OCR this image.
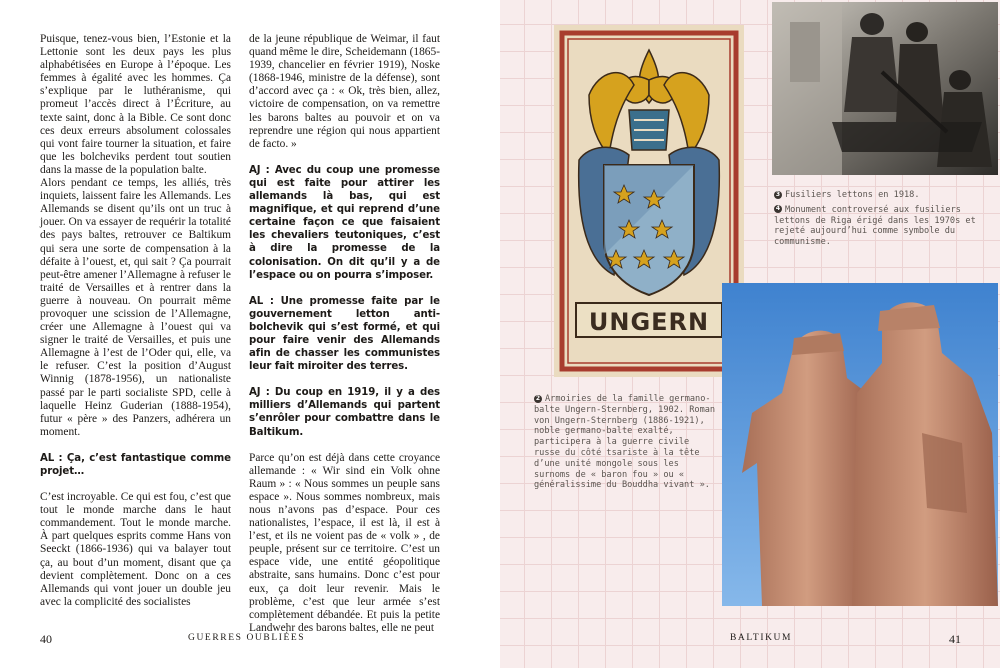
Puisque, tenez-vous bien, l’Estonie et la Lettonie sont les deux pays les plus alphabétisées en Europe à l’époque. Les femmes à égalité avec les hommes. Ça s’explique par le luthéranisme, qui promeut l’accès direct à l’Écriture, au texte saint, donc à la Bible. Ce sont donc ces deux erreurs absolument colossales qui vont faire tourner la situation, et faire que les bolcheviks perdent tout soutien dans la masse de la population balte.

Alors pendant ce temps, les alliés, très inquiets, laissent faire les Allemands. Les Allemands se disent qu’ils ont un truc à jouer. On va essayer de requérir la totalité des pays baltes, retrouver ce Baltikum qui sera une sorte de compensation à la défaite à l’ouest, et, qui sait ? Ça pourrait peut-être amener l’Allemagne à refuser le traité de Versailles et à rentrer dans la guerre à nouveau. On pourrait même provoquer une scission de l’Allemagne, créer une Allemagne à l’ouest qui va signer le traité de Versailles, et puis une Allemagne à l’est de l’Oder qui, elle, va le refuser. C’est la position d’August Winnig (1878-1956), un nationaliste passé par le parti socialiste SPD, celle à laquelle Heinz Guderian (1888-1954), futur « père » des Panzers, adhérera un moment.

AL : Ça, c’est fantastique comme projet…

C’est incroyable. Ce qui est fou, c’est que tout le monde marche dans le haut commandement. Tout le monde marche. À part quelques esprits comme Hans von Seeckt (1866-1936) qui va balayer tout ça, au bout d’un moment, disant que ça devient complètement. Donc on a ces Allemands qui vont jouer un double jeu avec la complicité des socialistes

de la jeune république de Weimar, il faut quand même le dire, Scheidemann (1865-1939, chancelier en février 1919), Noske (1868-1946, ministre de la défense), sont d’accord avec ça : « Ok, très bien, allez, victoire de compensation, on va remettre les barons baltes au pouvoir et on va reprendre une région qui nous appartient de facto. »

AJ : Avec du coup une promesse qui est faite pour attirer les allemands là bas, qui est magnifique, et qui reprend d’une certaine façon ce que faisaient les chevaliers teutoniques, c’est à dire la promesse de la colonisation. On dit qu’il y a de l’espace ou on pourra s’imposer.

AL : Une promesse faite par le gouvernement letton anti-bolchevik qui s’est formé, et qui pour faire venir des Allemands afin de chasser les communistes leur fait miroiter des terres.

AJ : Du coup en 1919, il y a des milliers d’Allemands qui partent s’enrôler pour combattre dans le Baltikum.

Parce qu’on est déjà dans cette croyance allemande : « Wir sind ein Volk ohne Raum » : « Nous sommes un peuple sans espace ». Nous sommes nombreux, mais nous n’avons pas d’espace. Pour ces nationalistes, l’espace, il est là, il est à l’est, et ils ne voient pas de « volk » , de peuple, présent sur ce territoire. C’est un espace vide, une entité géopolitique abstraite, sans humains. Donc c’est pour eux, ça doit leur revenir. Mais le problème, c’est que leur armée s’est complètement débandée. Et puis la petite Landwehr des barons baltes, elle ne peut

40	GUERRES OUBLIÉES
UNGERN

3 Fusiliers lettons en 1918.

4 Monument controversé aux fusiliers lettons de Riga érigé dans les 1970s et rejeté aujourd’hui comme symbole du communisme.

2 Armoiries de la famille germano-balte Ungern-Sternberg, 1902. Roman von Ungern-Sternberg (1886-1921), noble germano-balte exalté, participera à la guerre civile russe du côté tsariste à la tête d’une unité mongole sous les surnoms de « baron fou » ou « généralissime du Bouddha vivant ».

BALTIKUM	41
